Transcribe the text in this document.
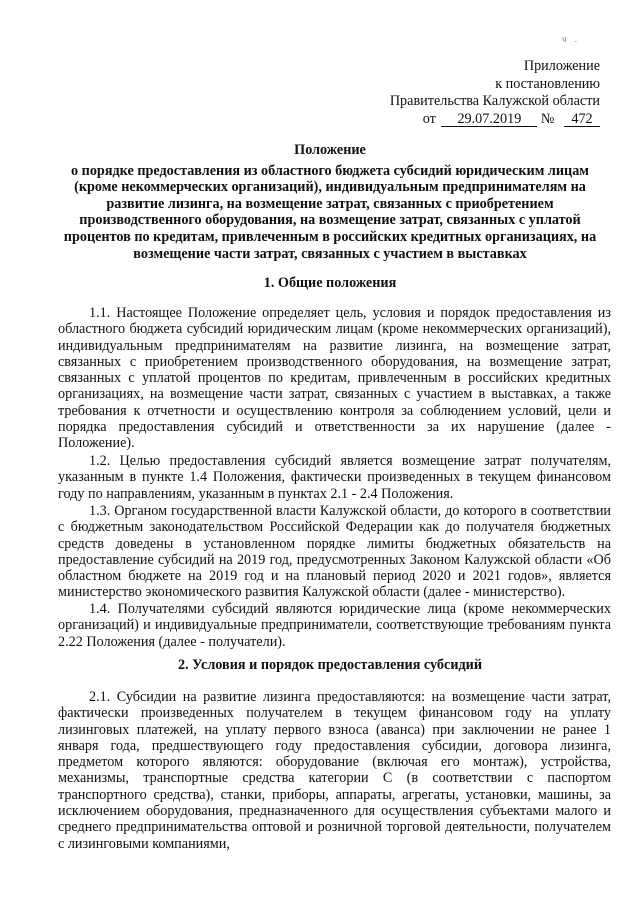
ч .
Приложение
к постановлению
Правительства Калужской области
от 29.07.2019 № 472
Положение
о порядке предоставления из областного бюджета субсидий юридическим лицам (кроме некоммерческих организаций), индивидуальным предпринимателям на развитие лизинга, на возмещение затрат, связанных с приобретением производственного оборудования, на возмещение затрат, связанных с уплатой процентов по кредитам, привлеченным в российских кредитных организациях, на возмещение части затрат, связанных с участием в выставках
1. Общие положения
1.1. Настоящее Положение определяет цель, условия и порядок предоставления из областного бюджета субсидий юридическим лицам (кроме некоммерческих организаций), индивидуальным предпринимателям на развитие лизинга, на возмещение затрат, связанных с приобретением производственного оборудования, на возмещение затрат, связанных с уплатой процентов по кредитам, привлеченным в российских кредитных организациях, на возмещение части затрат, связанных с участием в выставках, а также требования к отчетности и осуществлению контроля за соблюдением условий, цели и порядка предоставления субсидий и ответственности за их нарушение (далее - Положение).
1.2. Целью предоставления субсидий является возмещение затрат получателям, указанным в пункте 1.4 Положения, фактически произведенных в текущем финансовом году по направлениям, указанным в пунктах 2.1 - 2.4 Положения.
1.3. Органом государственной власти Калужской области, до которого в соответствии с бюджетным законодательством Российской Федерации как до получателя бюджетных средств доведены в установленном порядке лимиты бюджетных обязательств на предоставление субсидий на 2019 год, предусмотренных Законом Калужской области «Об областном бюджете на 2019 год и на плановый период 2020 и 2021 годов», является министерство экономического развития Калужской области (далее - министерство).
1.4. Получателями субсидий являются юридические лица (кроме некоммерческих организаций) и индивидуальные предприниматели, соответствующие требованиям пункта 2.22 Положения (далее - получатели).
2. Условия и порядок предоставления субсидий
2.1. Субсидии на развитие лизинга предоставляются: на возмещение части затрат, фактически произведенных получателем в текущем финансовом году на уплату лизинговых платежей, на уплату первого взноса (аванса) при заключении не ранее 1 января года, предшествующего году предоставления субсидии, договора лизинга, предметом которого являются: оборудование (включая его монтаж), устройства, механизмы, транспортные средства категории С (в соответствии с паспортом транспортного средства), станки, приборы, аппараты, агрегаты, установки, машины, за исключением оборудования, предназначенного для осуществления субъектами малого и среднего предпринимательства оптовой и розничной торговой деятельности, получателем с лизинговыми компаниями,
